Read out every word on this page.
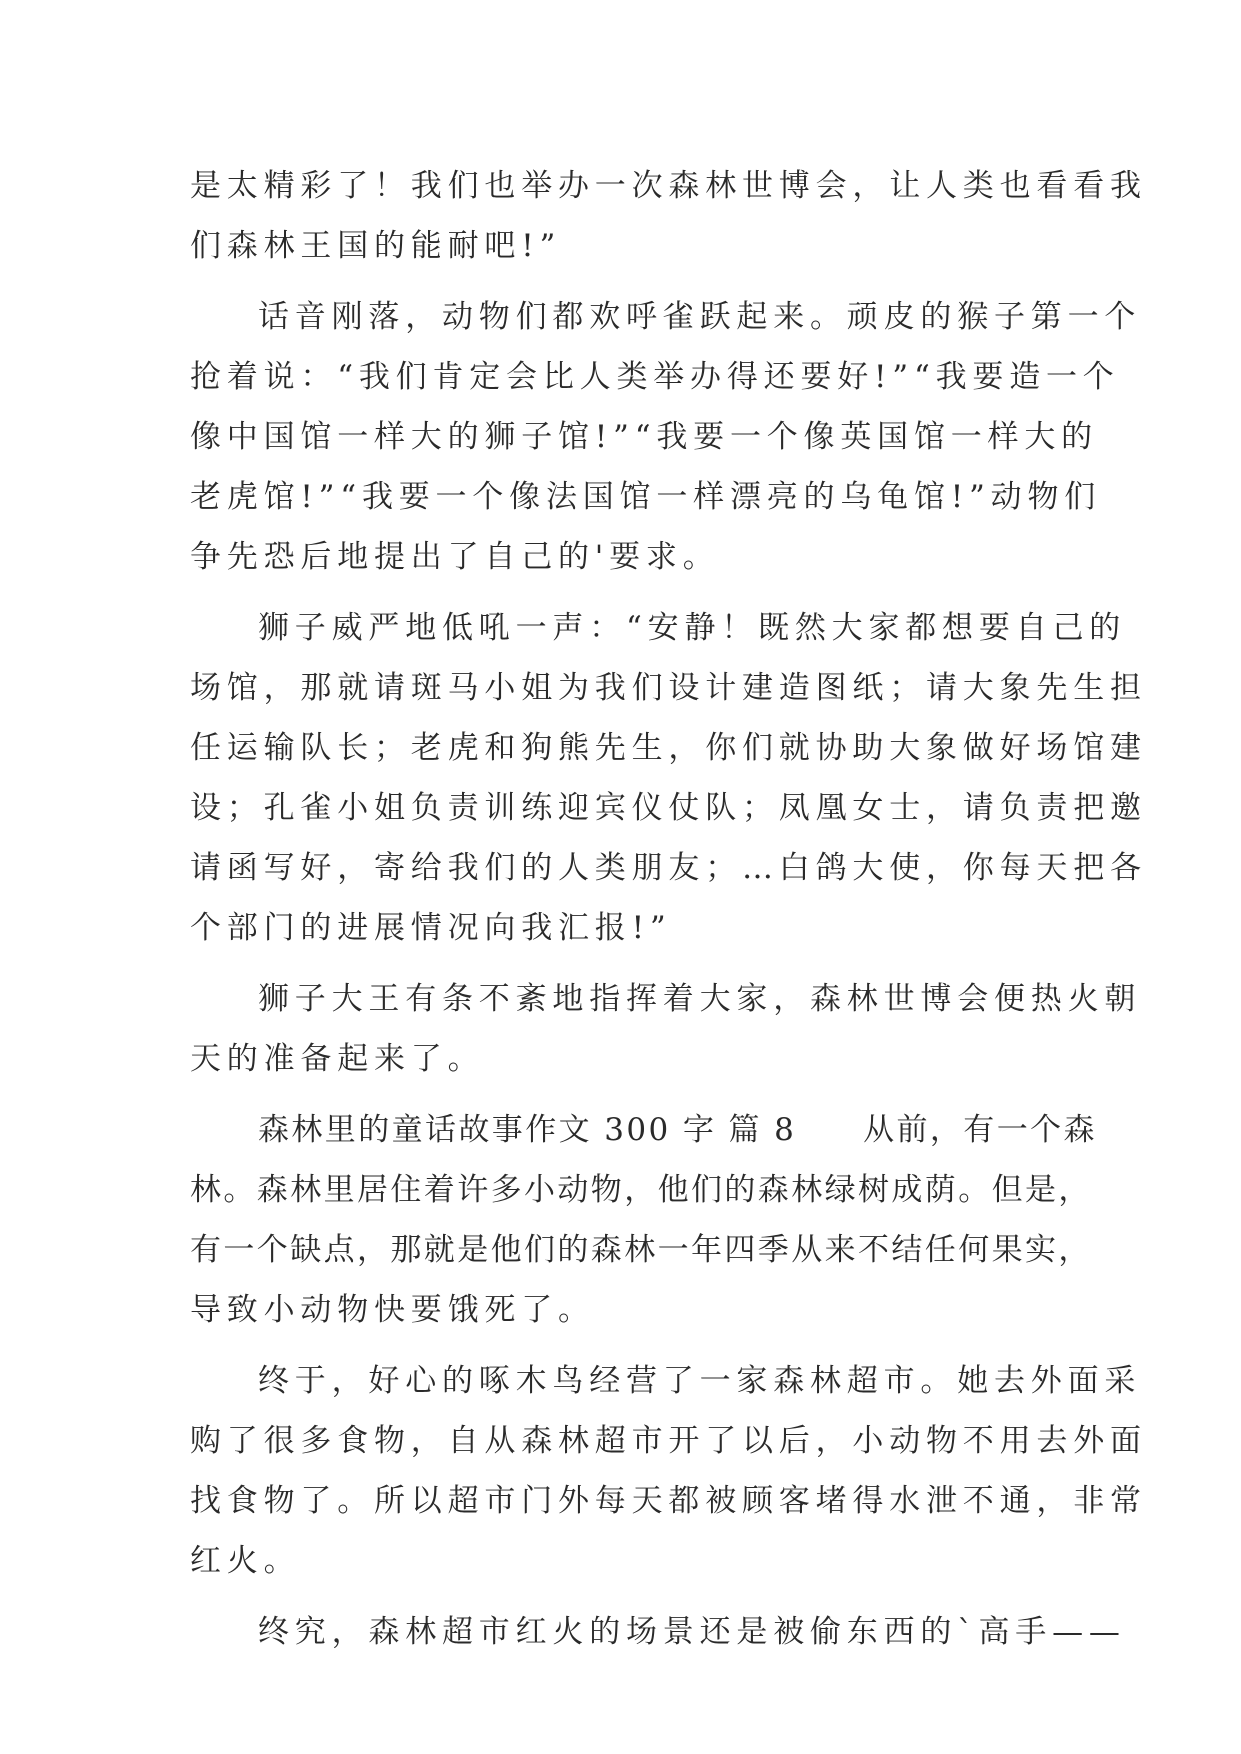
是太精彩了！我们也举办一次森林世博会，让人类也看看我
们森林王国的能耐吧!”
话音刚落，动物们都欢呼雀跃起来。顽皮的猴子第一个
抢着说：“我们肯定会比人类举办得还要好!”“我要造一个
像中国馆一样大的狮子馆!”“我要一个像英国馆一样大的
老虎馆!”“我要一个像法国馆一样漂亮的乌龟馆!”动物们
争先恐后地提出了自己的'要求。
狮子威严地低吼一声：“安静！既然大家都想要自己的
场馆，那就请斑马小姐为我们设计建造图纸；请大象先生担
任运输队长；老虎和狗熊先生，你们就协助大象做好场馆建
设；孔雀小姐负责训练迎宾仪仗队；凤凰女士，请负责把邀
请函写好，寄给我们的人类朋友；…白鸽大使，你每天把各
个部门的进展情况向我汇报!”
狮子大王有条不紊地指挥着大家，森林世博会便热火朝
天的准备起来了。
森林里的童话故事作文 300 字 篇 8　　从前，有一个森
林。森林里居住着许多小动物，他们的森林绿树成荫。但是，
有一个缺点，那就是他们的森林一年四季从来不结任何果实，
导致小动物快要饿死了。
终于，好心的啄木鸟经营了一家森林超市。她去外面采
购了很多食物，自从森林超市开了以后，小动物不用去外面
找食物了。所以超市门外每天都被顾客堵得水泄不通，非常
红火。
终究，森林超市红火的场景还是被偷东西的`高手——
